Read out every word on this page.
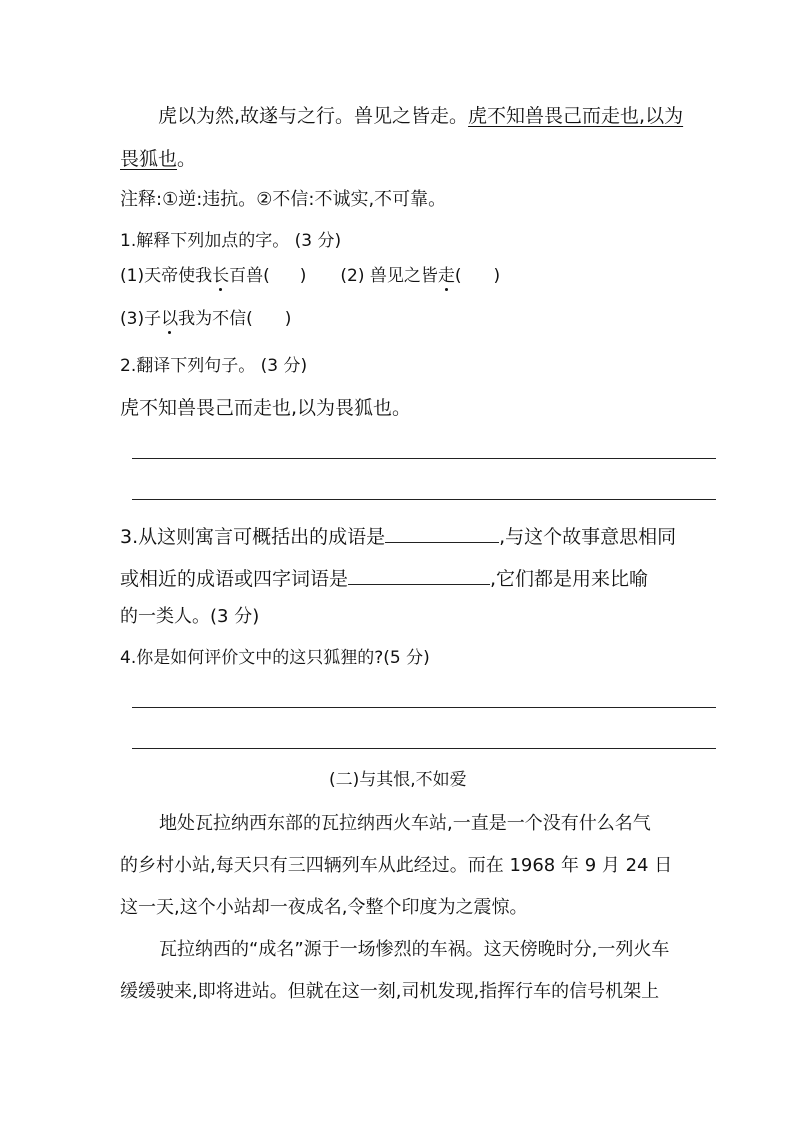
虎以为然,故遂与之行。兽见之皆走。虎不知兽畏己而走也,以为
畏狐也。
注释:①逆:违抗。②不信:不诚实,不可靠。
1.解释下列加点的字。 (3 分)
(1)天帝使我长百兽( ) (2) 兽见之皆走( )
(3)子以我为不信( )
2.翻译下列句子。 (3 分)
虎不知兽畏己而走也,以为畏狐也。
3.从这则寓言可概括出的成语是	,与这个故事意思相同
或相近的成语或四字词语是	,它们都是用来比喻
的一类人。(3 分)
4.你是如何评价文中的这只狐狸的?(5 分)
(二)与其恨,不如爱
地处瓦拉纳西东部的瓦拉纳西火车站,一直是一个没有什么名气
的乡村小站,每天只有三四辆列车从此经过。而在 1968 年 9 月 24 日
这一天,这个小站却一夜成名,令整个印度为之震惊。
瓦拉纳西的“成名”源于一场惨烈的车祸。这天傍晚时分,一列火车
缓缓驶来,即将进站。但就在这一刻,司机发现,指挥行车的信号机架上
